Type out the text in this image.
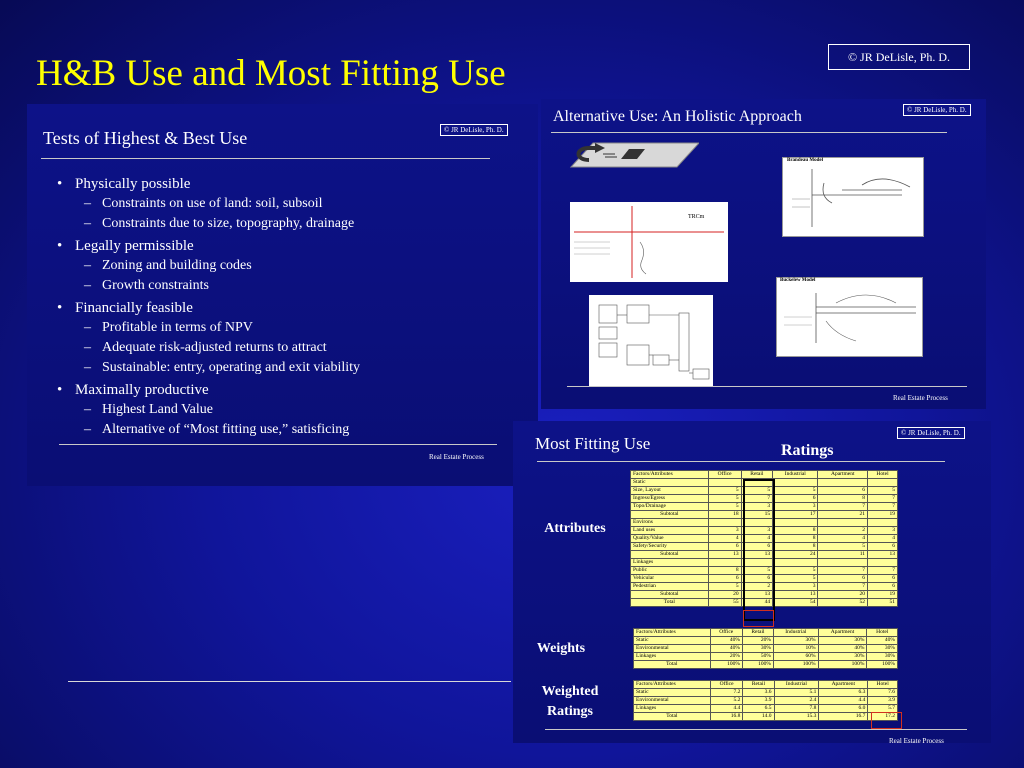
H&B Use and Most Fitting Use	© JR DeLisle, Ph. D.
© JR DeLisle, Ph. D.
Tests of Highest & Best Use
• Physically possible
– Constraints on use of land: soil, subsoil
– Constraints due to size, topography, drainage
• Legally permissible
– Zoning and building codes
– Growth constraints
• Financially feasible
– Profitable in terms of NPV
– Adequate risk-adjusted returns to attract
– Sustainable: entry, operating and exit viability
• Maximally productive
– Highest Land Value
– Alternative of “Most fitting use,” satisficing
Real Estate Process
© JR DeLisle, Ph. D.
Alternative Use: An Holistic Approach
Brandeau Model
TRCm
Buckelew Model
Real Estate Process
© JR DeLisle, Ph. D.
Most Fitting Use	Ratings
Attributes
Weights
Weighted
Ratings
Factors/Attributes	Office	Retail	Industrial	Apartment	Hotel
Static					
Size, Layout	5	5	5	6	5
Ingress/Egress	5	7	6	8	7
Topo/Drainage	5	3	3	7	7
Subtotal	18	15	17	21	19
Environs					
Land uses	3	3	8	2	3
Quality/Value	4	4	8	4	4
Safety/Security	6	6	8	5	6
Subtotal	13	13	24	11	13
Linkages					
Public	8	5	5	7	7
Vehicular	6	6	5	6	6
Pedestrian	5	2	3	7	6
Subtotal	20	13	13	20	19
Total	55	44	54	52	51
Factors/Attributes	Office	Retail	Industrial	Apartment	Hotel
Static	40%	20%	30%	30%	40%
Environmental	40%	30%	10%	40%	30%
Linkages	20%	50%	60%	30%	30%
Total	100%	100%	100%	100%	100%
Factors/Attributes	Office	Retail	Industrial	Apartment	Hotel
Static	7.2	3.6	5.1	6.3	7.6
Environmental	5.2	3.9	2.4	4.4	3.9
Linkages	4.4	6.5	7.8	6.0	5.7
Total	16.8	14.0	15.3	16.7	17.2
Real Estate Process
